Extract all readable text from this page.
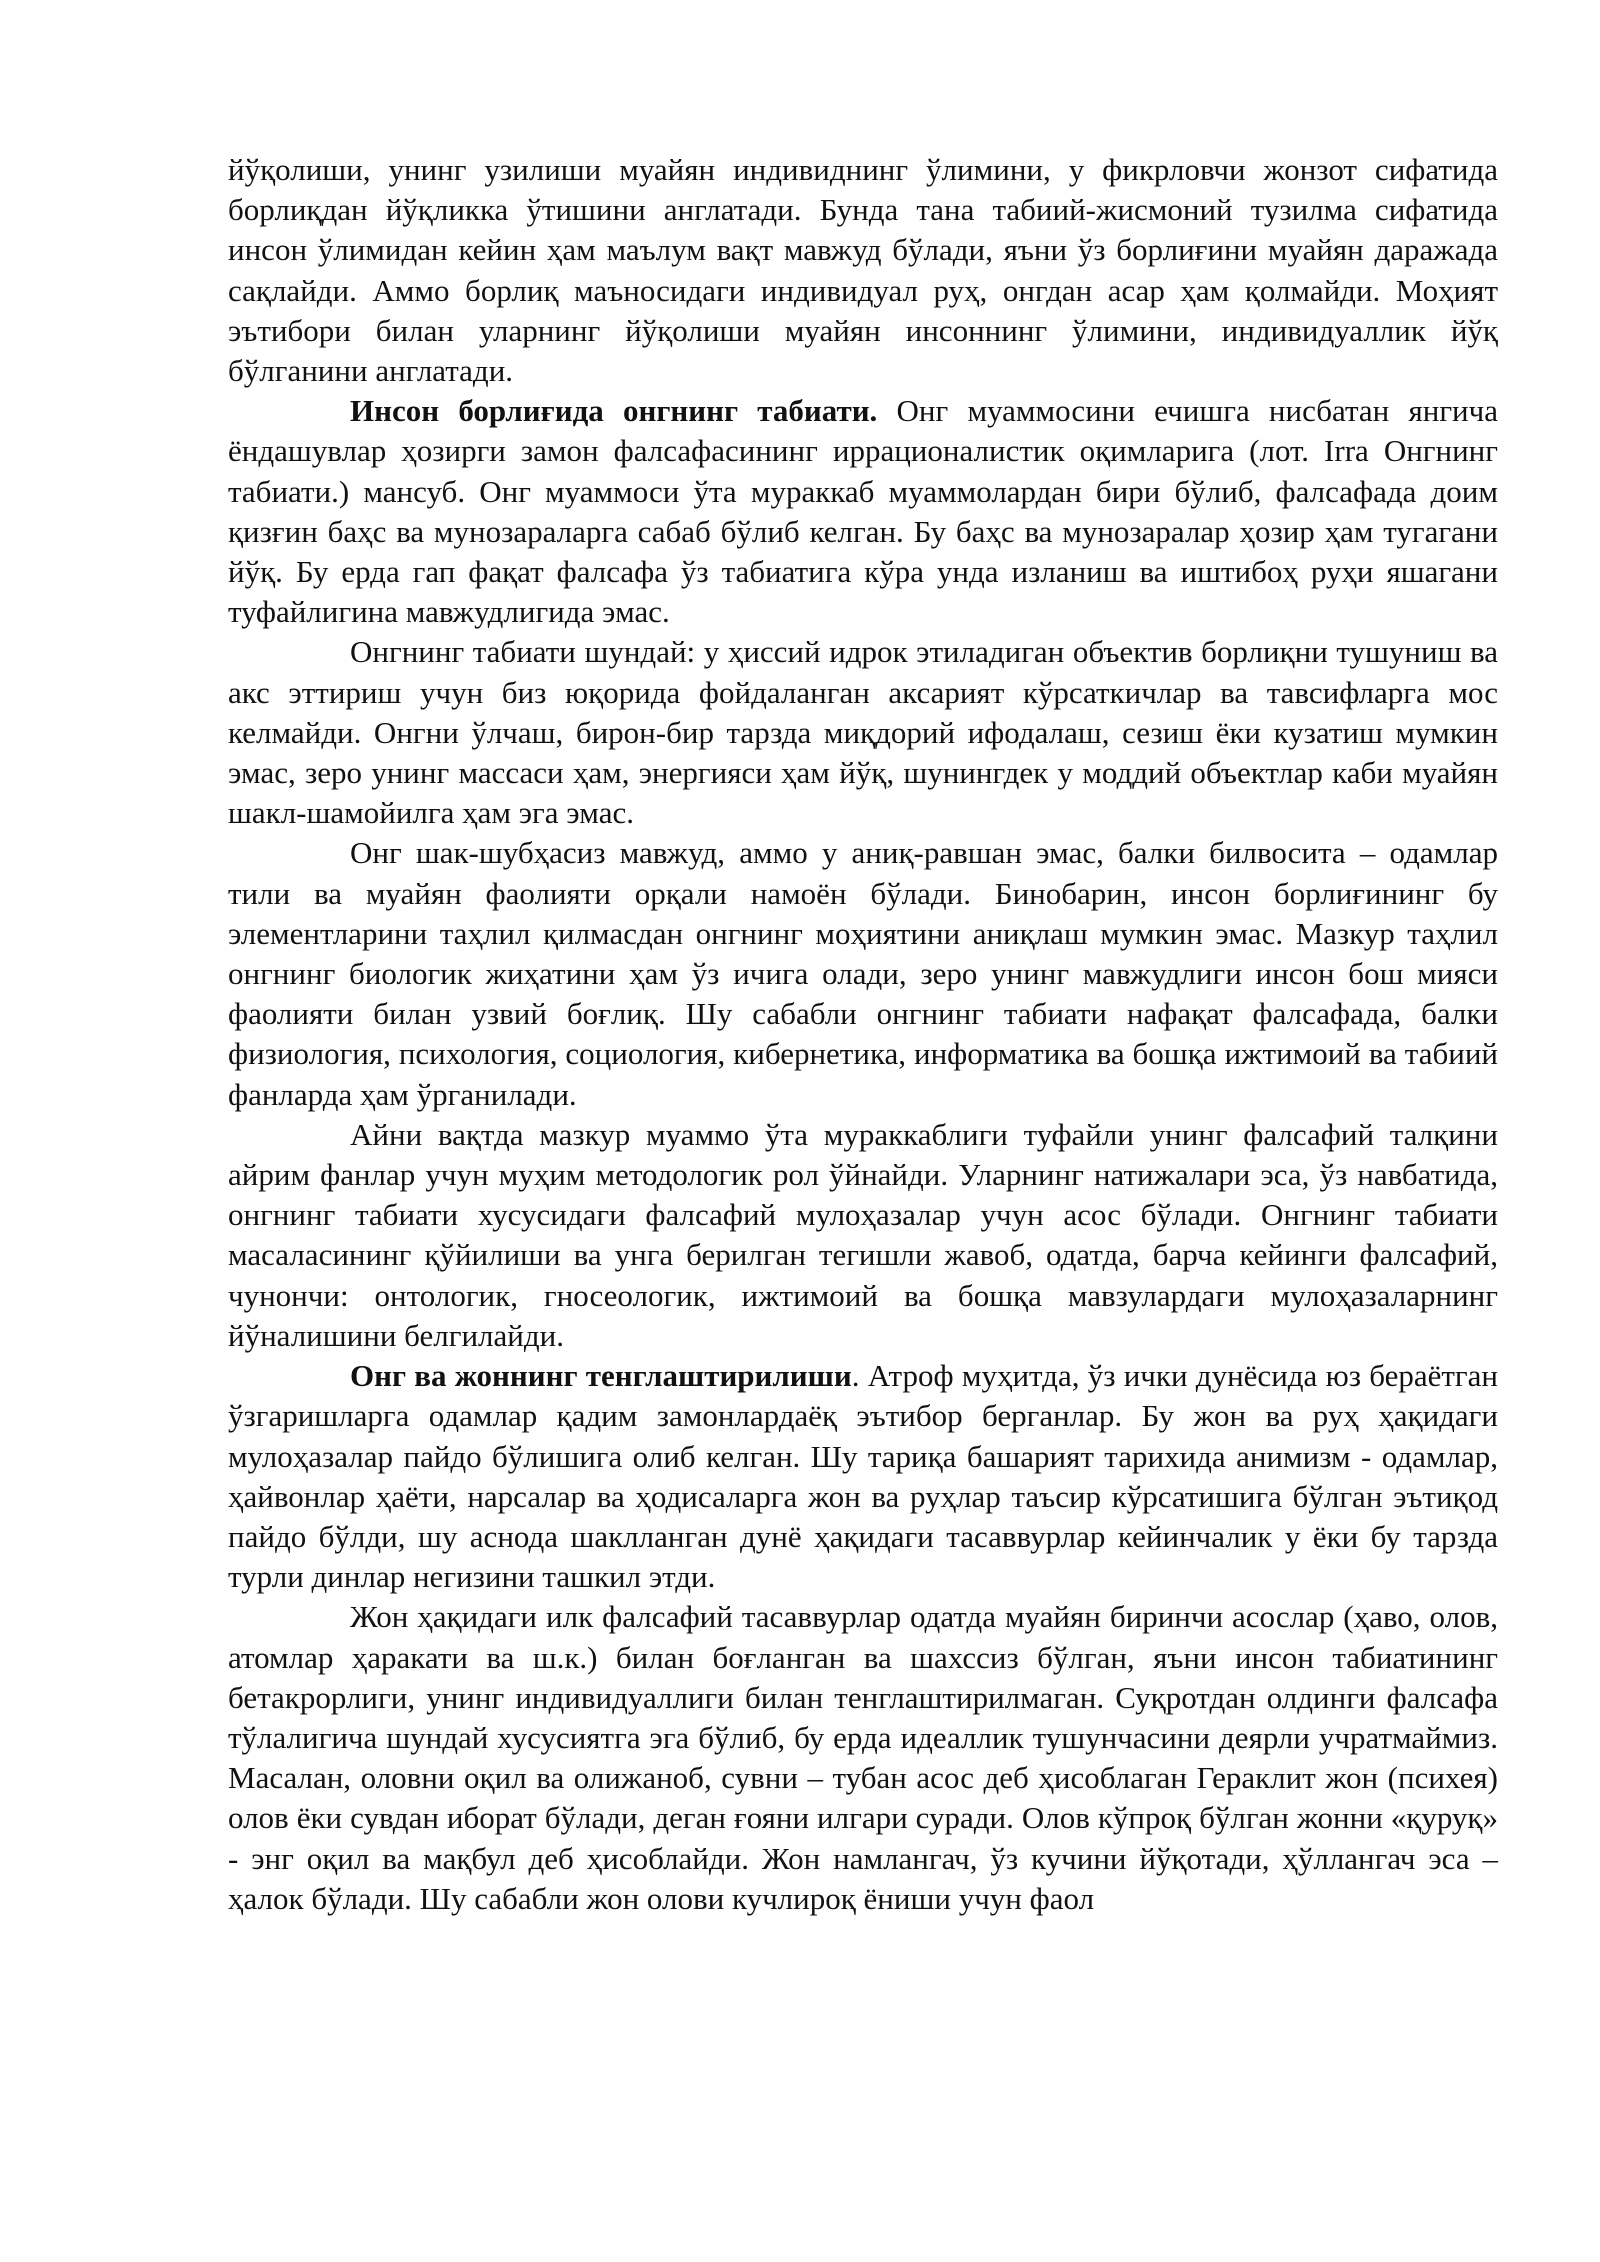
йўқолиши, унинг узилиши муайян индивиднинг ўлимини, у фикрловчи жонзот сифатида борлиқдан йўқликка ўтишини англатади. Бунда тана табиий-жисмоний тузилма сифатида инсон ўлимидан кейин ҳам маълум вақт мавжуд бўлади, яъни ўз борлиғини муайян даражада сақлайди. Аммо борлиқ маъносидаги индивидуал руҳ, онгдан асар ҳам қолмайди. Моҳият эътибори билан уларнинг йўқолиши муайян инсоннинг ўлимини, индивидуаллик йўқ бўлганини англатади.

Инсон борлиғида онгнинг табиати. Онг муаммосини ечишга нисбатан янгича ёндашувлар ҳозирги замон фалсафасининг иррационалистик оқимларига (лот. Irra Онгнинг табиати.) мансуб. Онг муаммоси ўта мураккаб муаммолардан бири бўлиб, фалсафада доим қизғин баҳс ва мунозараларга сабаб бўлиб келган. Бу баҳс ва мунозаралар ҳозир ҳам тугагани йўқ. Бу ерда гап фақат фалсафа ўз табиатига кўра унда изланиш ва иштибоҳ руҳи яшагани туфайлигина мавжудлигида эмас.

Онгнинг табиати шундай: у ҳиссий идрок этиладиган объектив борлиқни тушуниш ва акс эттириш учун биз юқорида фойдаланган аксарият кўрсаткичлар ва тавсифларга мос келмайди. Онгни ўлчаш, бирон-бир тарзда миқдорий ифодалаш, сезиш ёки кузатиш мумкин эмас, зеро унинг массаси ҳам, энергияси ҳам йўқ, шунингдек у моддий объектлар каби муайян шакл-шамойилга ҳам эга эмас.

Онг шак-шубҳасиз мавжуд, аммо у аниқ-равшан эмас, балки билвосита – одамлар тили ва муайян фаолияти орқали намоён бўлади. Бинобарин, инсон борлиғининг бу элементларини таҳлил қилмасдан онгнинг моҳиятини аниқлаш мумкин эмас. Мазкур таҳлил онгнинг биологик жиҳатини ҳам ўз ичига олади, зеро унинг мавжудлиги инсон бош мияси фаолияти билан узвий боғлиқ. Шу сабабли онгнинг табиати нафақат фалсафада, балки физиология, психология, социология, кибернетика, информатика ва бошқа ижтимоий ва табиий фанларда ҳам ўрганилади.

Айни вақтда мазкур муаммо ўта мураккаблиги туфайли унинг фалсафий талқини айрим фанлар учун муҳим методологик рол ўйнайди. Уларнинг натижалари эса, ўз навбатида, онгнинг табиати хусусидаги фалсафий мулоҳазалар учун асос бўлади. Онгнинг табиати масаласининг қўйилиши ва унга берилган тегишли жавоб, одатда, барча кейинги фалсафий, чунончи: онтологик, гносеологик, ижтимоий ва бошқа мавзулардаги мулоҳазаларнинг йўналишини белгилайди.

Онг ва жоннинг тенглаштирилиши. Атроф муҳитда, ўз ички дунёсида юз бераётган ўзгаришларга одамлар қадим замонлардаёқ эътибор берганлар. Бу жон ва руҳ ҳақидаги мулоҳазалар пайдо бўлишига олиб келган. Шу тариқа башарият тарихида анимизм - одамлар, ҳайвонлар ҳаёти, нарсалар ва ҳодисаларга жон ва руҳлар таъсир кўрсатишига бўлган эътиқод пайдо бўлди, шу аснода шаклланган дунё ҳақидаги тасаввурлар кейинчалик у ёки бу тарзда турли динлар негизини ташкил этди.

Жон ҳақидаги илк фалсафий тасаввурлар одатда муайян биринчи асослар (ҳаво, олов, атомлар ҳаракати ва ш.к.) билан боғланган ва шахссиз бўлган, яъни инсон табиатининг бетакрорлиги, унинг индивидуаллиги билан тенглаштирилмаган. Суқротдан олдинги фалсафа тўлалигича шундай хусусиятга эга бўлиб, бу ерда идеаллик тушунчасини деярли учратмаймиз. Масалан, оловни оқил ва олижаноб, сувни – тубан асос деб ҳисоблаган Гераклит жон (психея) олов ёки сувдан иборат бўлади, деган ғояни илгари суради. Олов кўпроқ бўлган жонни «қуруқ» - энг оқил ва мақбул деб ҳисоблайди. Жон намлангач, ўз кучини йўқотади, ҳўллангач эса – ҳалок бўлади. Шу сабабли жон олови кучлироқ ёниши учун фаол
